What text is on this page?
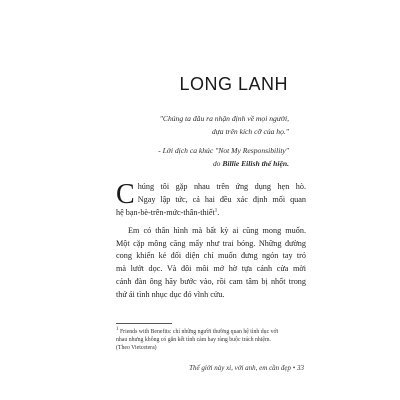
LONG LANH
"Chúng ta đâu ra nhận định về mọi người,
dựa trên kích cỡ của họ."
- Lời dịch ca khúc "Not My Responsibility"
do Billie Eilish thể hiện.
C húng tôi gặp nhau trên ứng dụng hẹn hò.
Ngay lập tức, cả hai đều xác định mối quan
hệ bạn-bè-trên-mức-thân-thiết$^1$.
Em có thân hình mà bất kỳ ai cũng mong muốn.
Một cặp mông căng mẩy như trai bóng. Những đường
cong khiến kẻ đối diện chỉ muốn đưng ngón tay trỏ
mà lướt dọc. Và đôi môi mở hờ tựa cánh cửa mời
cánh đàn ông hãy bước vào, rồi cam tâm bị nhốt trong
thứ ái tình nhục dục đó vĩnh cửu.
$^1$ Friends with Benefits: chỉ những người thường quan hệ tình dục với
nhau nhưng không có gắn kết tình cảm hay ràng buộc trách nhiệm.
(Theo Vietcetera)
Thế giới này xi, với anh, em cần đẹp • 33
